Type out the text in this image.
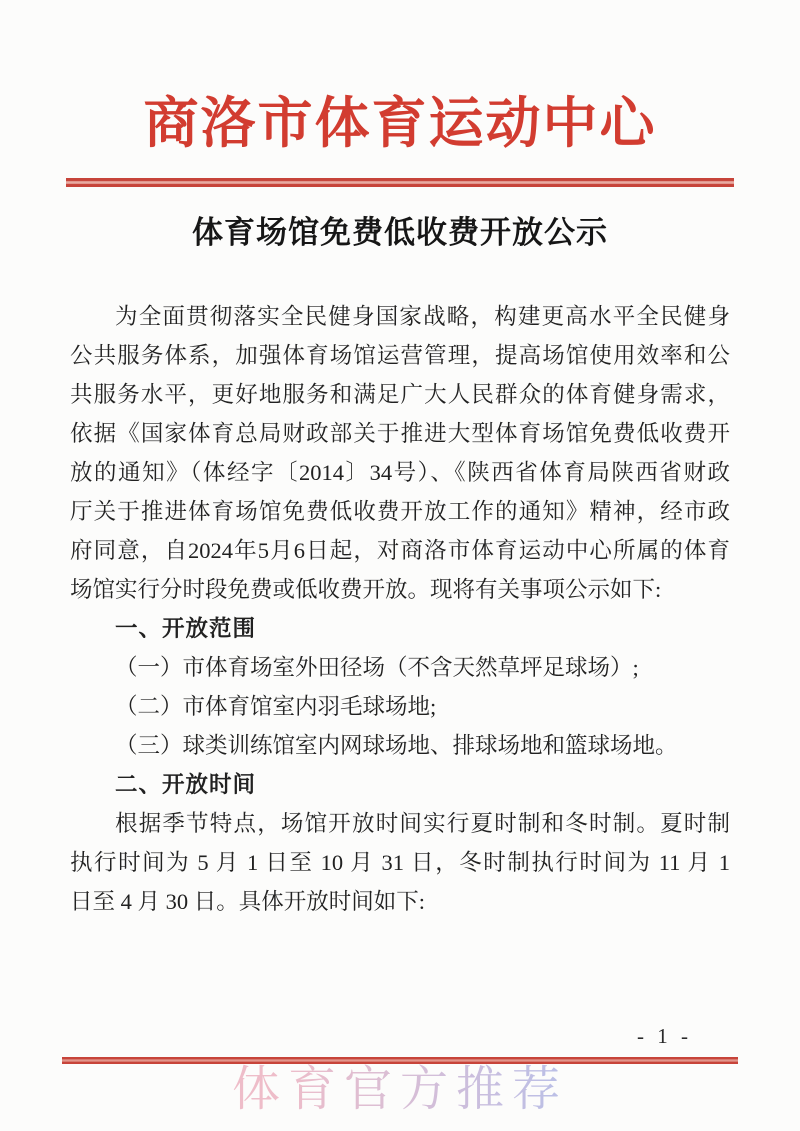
商洛市体育运动中心
体育场馆免费低收费开放公示
为全面贯彻落实全民健身国家战略，构建更高水平全民健身
公共服务体系，加强体育场馆运营管理，提高场馆使用效率和公
共服务水平，更好地服务和满足广大人民群众的体育健身需求，
依据《国家体育总局财政部关于推进大型体育场馆免费低收费开
放的通知》（体经字〔2014〕34号）、《陕西省体育局陕西省财政
厅关于推进体育场馆免费低收费开放工作的通知》精神，经市政
府同意，自2024年5月6日起，对商洛市体育运动中心所属的体育
场馆实行分时段免费或低收费开放。现将有关事项公示如下:
一、开放范围
（一）市体育场室外田径场（不含天然草坪足球场）;
（二）市体育馆室内羽毛球场地;
（三）球类训练馆室内网球场地、排球场地和篮球场地。
二、开放时间
根据季节特点，场馆开放时间实行夏时制和冬时制。夏时制
执行时间为 5 月 1 日至 10 月 31 日，冬时制执行时间为 11 月 1
日至 4 月 30 日。具体开放时间如下:
- 1 -
体育官方推荐
